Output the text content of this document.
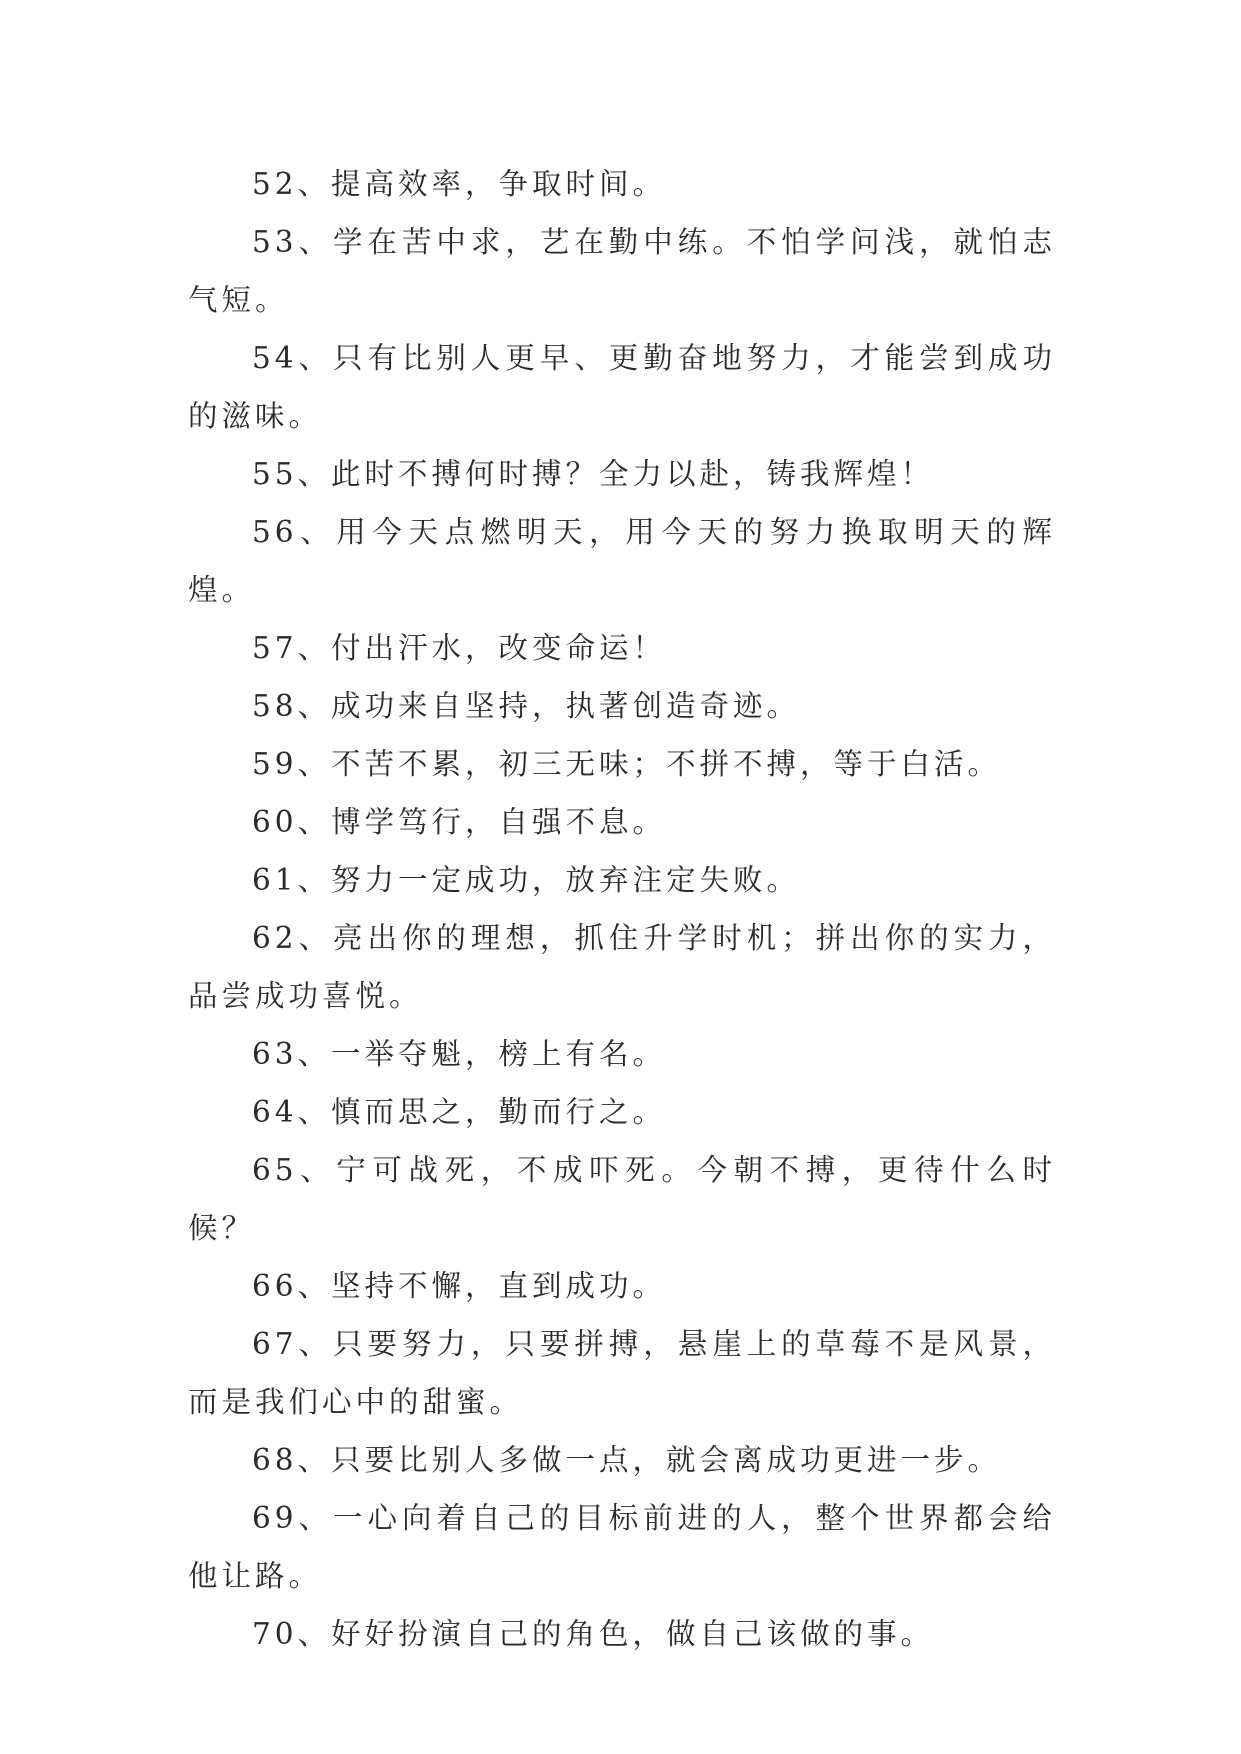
52、提高效率，争取时间。

53、学在苦中求，艺在勤中练。不怕学问浅，就怕志气短。

54、只有比别人更早、更勤奋地努力，才能尝到成功的滋味。

55、此时不搏何时搏？全力以赴，铸我辉煌！

56、用今天点燃明天，用今天的努力换取明天的辉煌。

57、付出汗水，改变命运！

58、成功来自坚持，执著创造奇迹。

59、不苦不累，初三无味；不拼不搏，等于白活。

60、博学笃行，自强不息。

61、努力一定成功，放弃注定失败。

62、亮出你的理想，抓住升学时机；拼出你的实力，品尝成功喜悦。

63、一举夺魁，榜上有名。

64、慎而思之，勤而行之。

65、宁可战死，不成吓死。今朝不搏，更待什么时候？

66、坚持不懈，直到成功。

67、只要努力，只要拼搏，悬崖上的草莓不是风景，而是我们心中的甜蜜。

68、只要比别人多做一点，就会离成功更进一步。

69、一心向着自己的目标前进的人，整个世界都会给他让路。

70、好好扮演自己的角色，做自己该做的事。
